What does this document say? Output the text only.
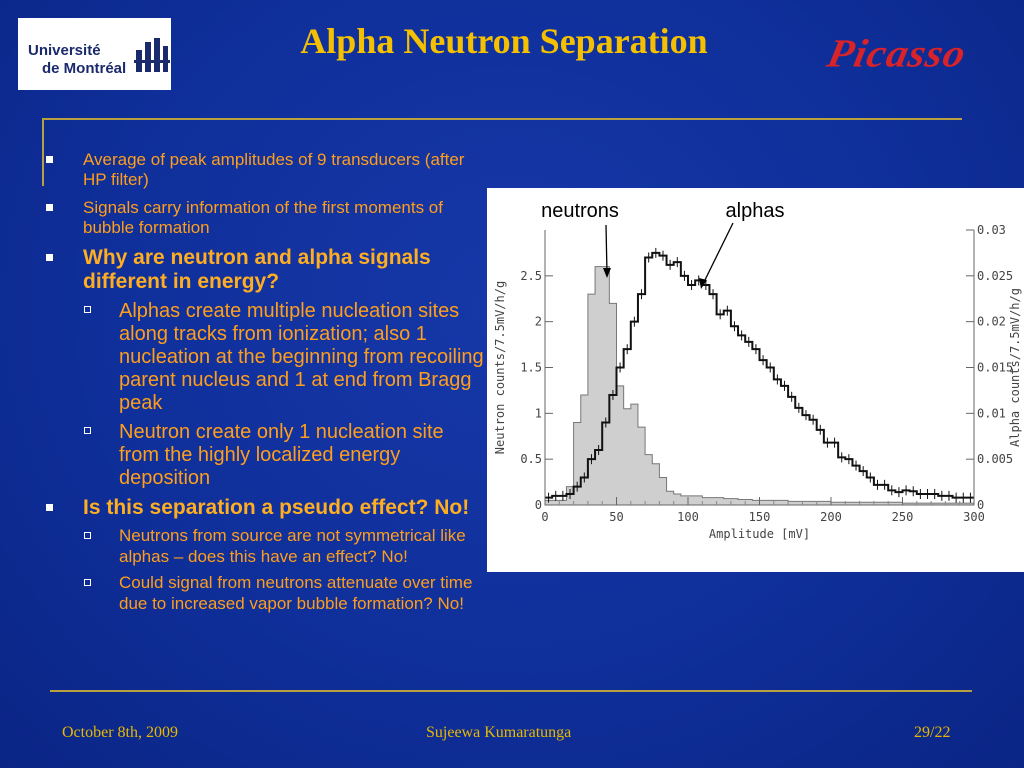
Université
de Montréal
Alpha Neutron Separation	Picasso
Average of peak amplitudes of 9 transducers (after HP filter)
Signals carry information of the first moments of bubble formation
Why are neutron and alpha signals different in energy?
Alphas create multiple nucleation sites along tracks from ionization; also 1 nucleation at the beginning from recoiling parent nucleus and 1 at end from Bragg peak
Neutron create only 1 nucleation site from the highly localized energy deposition
Is this separation a pseudo effect? No!
Neutrons from source are not symmetrical like alphas – does this have an effect? No!
Could signal from neutrons attenuate over time due to increased vapor bubble formation? No!
0	50	100	150	200	250	300
0
0.5
1
1.5
2
2.5
0
0.005
0.01
0.015
0.02
0.025
0.03
Amplitude [mV]
Neutron counts/7.5mV/h/g	Alpha counts/7.5mV/h/g
neutrons	alphas
October 8th, 2009	Sujeewa Kumaratunga	29/22
